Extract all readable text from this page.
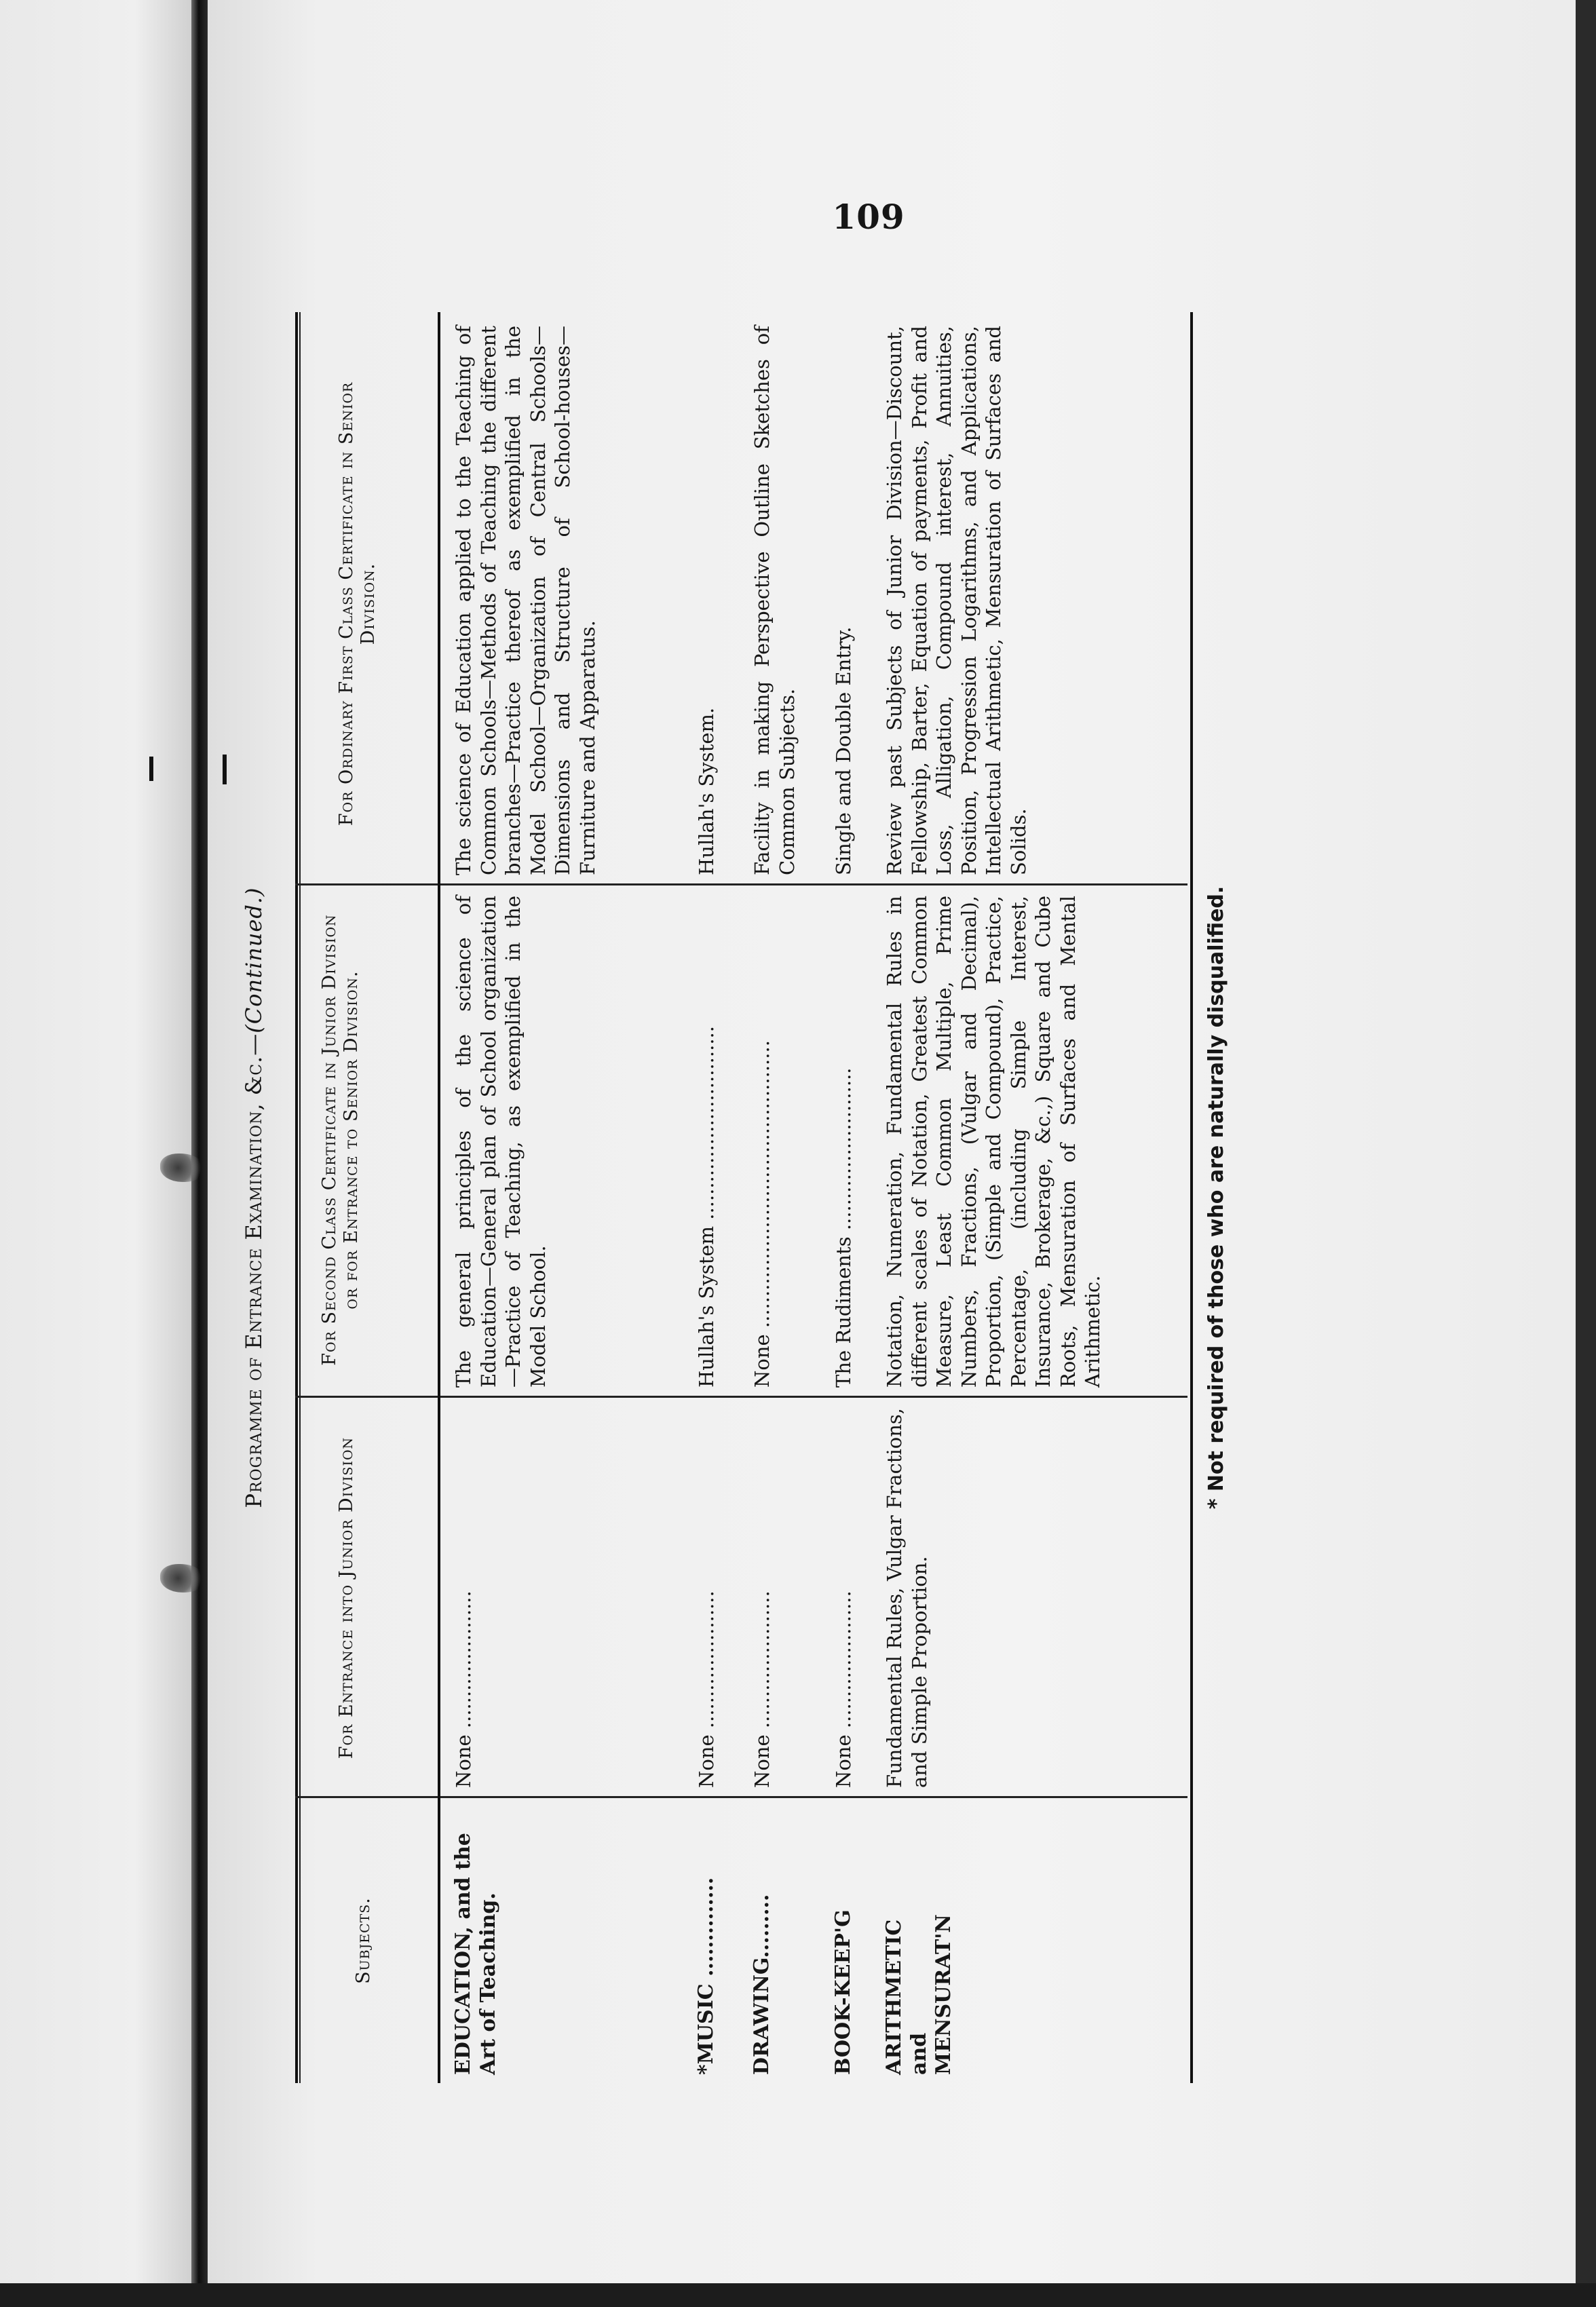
109
Programme of Entrance Examination, &c.—(Continued.)
Subjects.
For Entrance into Junior Division
For Second Class Certificate in Junior Division or for Entrance to Senior Division.
For Ordinary First Class Certificate in Senior Division.
EDUCATION, and the Art of Teaching.
None ......................
The general principles of the science of Education—General plan of School organization—Practice of Teaching, as exemplified in the Model School.
The science of Education applied to the Teaching of Common Schools—Methods of Teaching the different branches—Practice thereof as exemplified in the Model School—Organization of Central Schools—Dimensions and Structure of School-houses—Furniture and Apparatus.
*MUSIC ..............
None ......................
Hullah's System ...............................
Hullah's System.
DRAWING.........
None ......................
None ..............................................
Facility in making Perspective Outline Sketches of Common Subjects.
BOOK-KEEP'G
None ......................
The Rudiments ..........................
Single and Double Entry.
ARITHMETIC and MENSURAT'N
Fundamental Rules, Vulgar Fractions, and Simple Proportion.
Notation, Numeration, Fundamental Rules in different scales of Notation, Greatest Common Measure, Least Common Multiple, Prime Numbers, Fractions, (Vulgar and Decimal), Proportion, (Simple and Compound), Practice, Percentage, (including Simple Interest, Insurance, Brokerage, &c.,) Square and Cube Roots, Mensuration of Surfaces and Mental Arithmetic.
Review past Subjects of Junior Division—Discount, Fellowship, Barter, Equation of payments, Profit and Loss, Alligation, Compound interest, Annuities, Position, Progression Logarithms, and Applications, Intellectual Arithmetic, Mensuration of Surfaces and Solids.
* Not required of those who are naturally disqualified.
